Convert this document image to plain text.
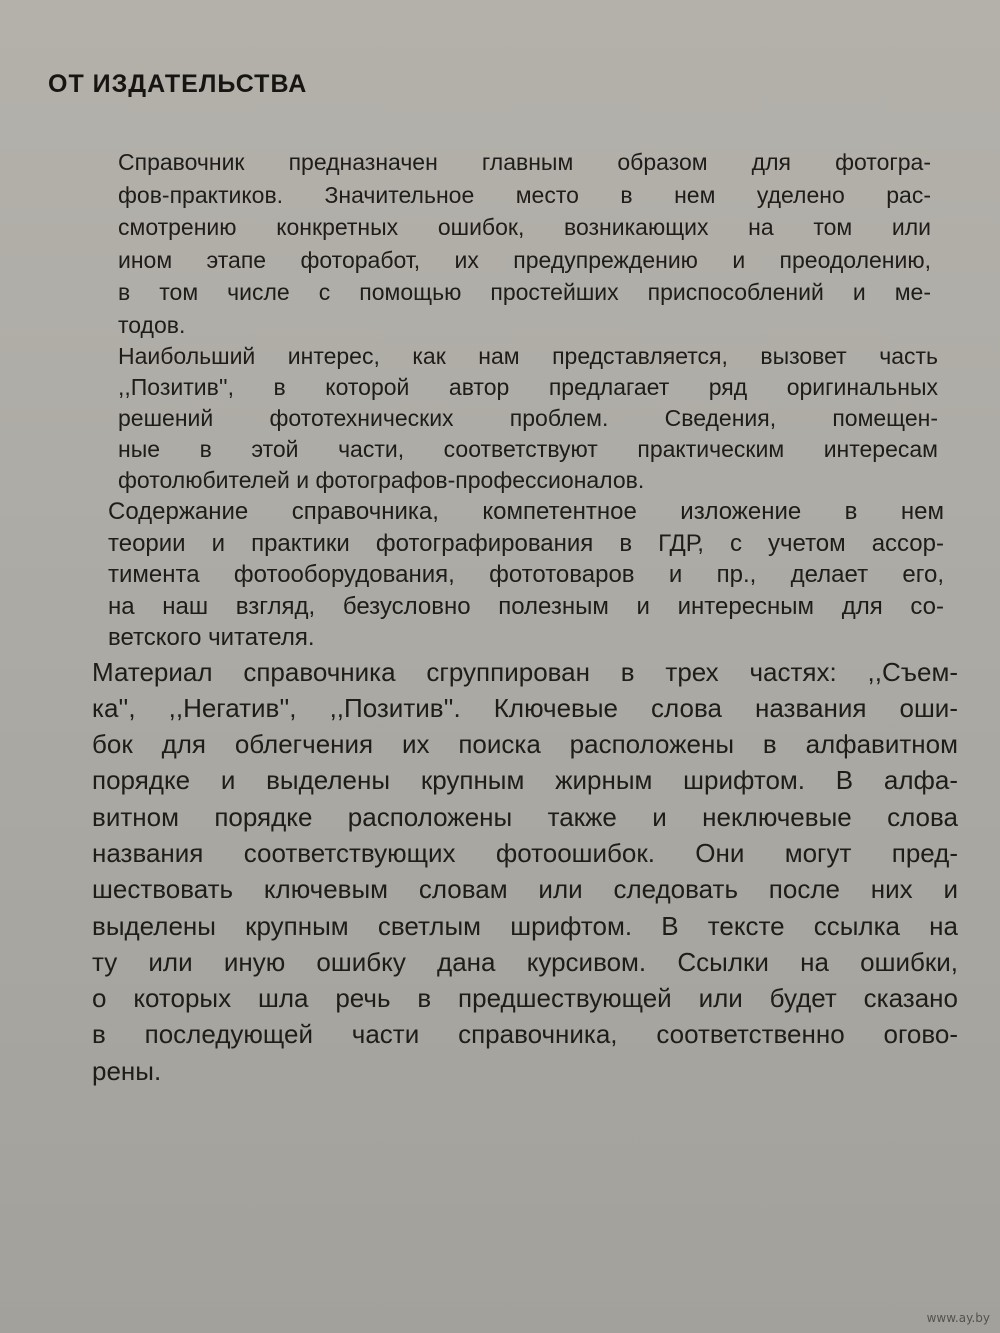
ОТ ИЗДАТЕЛЬСТВА
Справочник предназначен главным образом для фотогра-
фов-практиков. Значительное место в нем уделено рас-
смотрению конкретных ошибок, возникающих на том или
ином этапе фоторабот, их предупреждению и преодолению,
в том числе с помощью простейших приспособлений и ме-
тодов.
Наибольший интерес, как нам представляется, вызовет часть
,,Позитив'', в которой автор предлагает ряд оригинальных
решений фототехнических проблем. Сведения, помещен-
ные в этой части, соответствуют практическим интересам
фотолюбителей и фотографов-профессионалов.
Содержание справочника, компетентное изложение в нем
теории и практики фотографирования в ГДР, с учетом ассор-
тимента фотооборудования, фототоваров и пр., делает его,
на наш взгляд, безусловно полезным и интересным для со-
ветского читателя.
Материал справочника сгруппирован в трех частях: ,,Съем-
ка'', ,,Негатив'', ,,Позитив''. Ключевые слова названия оши-
бок для облегчения их поиска расположены в алфавитном
порядке и выделены крупным жирным шрифтом. В алфа-
витном порядке расположены также и неключевые слова
названия соответствующих фотоошибок. Они могут пред-
шествовать ключевым словам или следовать после них и
выделены крупным светлым шрифтом. В тексте ссылка на
ту или иную ошибку дана курсивом. Ссылки на ошибки,
о которых шла речь в предшествующей или будет сказано
в последующей части справочника, соответственно огово-
рены.
www.ay.by
